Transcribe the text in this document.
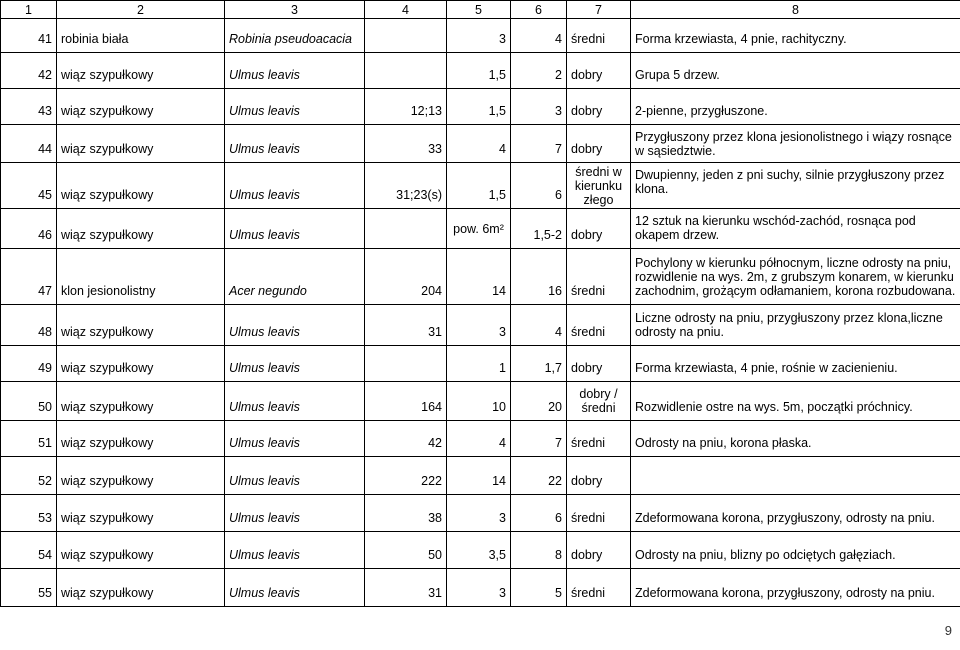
1	2	3	4	5	6	7	8
41	robinia biała	Robinia pseudoacacia		3	4	średni	Forma krzewiasta, 4 pnie, rachityczny.
42	wiąz szypułkowy	Ulmus leavis		1,5	2	dobry	Grupa 5 drzew.
43	wiąz szypułkowy	Ulmus leavis	12;13	1,5	3	dobry	2-pienne, przygłuszone.
44	wiąz szypułkowy	Ulmus leavis	33	4	7	dobry	Przygłuszony przez klona jesionolistnego i wiązy rosnące w sąsiedztwie.
45	wiąz szypułkowy	Ulmus leavis	31;23(s)	1,5	6	średni w kierunku złego	Dwupienny, jeden z pni suchy, silnie przygłuszony przez klona.
46	wiąz szypułkowy	Ulmus leavis		pow. 6m²	1,5-2	dobry	12 sztuk na kierunku wschód-zachód, rosnąca pod okapem drzew.
47	klon jesionolistny	Acer negundo	204	14	16	średni	Pochylony w kierunku północnym, liczne odrosty na pniu, rozwidlenie na wys. 2m, z grubszym konarem, w kierunku zachodnim, grożącym odłamaniem, korona rozbudowana.
48	wiąz szypułkowy	Ulmus leavis	31	3	4	średni	Liczne odrosty na pniu, przygłuszony przez klona,liczne odrosty na pniu.
49	wiąz szypułkowy	Ulmus leavis		1	1,7	dobry	Forma krzewiasta, 4 pnie, rośnie w zacienieniu.
50	wiąz szypułkowy	Ulmus leavis	164	10	20	dobry /średni	Rozwidlenie ostre na wys. 5m, początki próchnicy.
51	wiąz szypułkowy	Ulmus leavis	42	4	7	średni	Odrosty na pniu, korona płaska.
52	wiąz szypułkowy	Ulmus leavis	222	14	22	dobry	
53	wiąz szypułkowy	Ulmus leavis	38	3	6	średni	Zdeformowana korona, przygłuszony, odrosty na pniu.
54	wiąz szypułkowy	Ulmus leavis	50	3,5	8	dobry	Odrosty na pniu, blizny po odciętych gałęziach.
55	wiąz szypułkowy	Ulmus leavis	31	3	5	średni	Zdeformowana korona, przygłuszony, odrosty na pniu.
9
